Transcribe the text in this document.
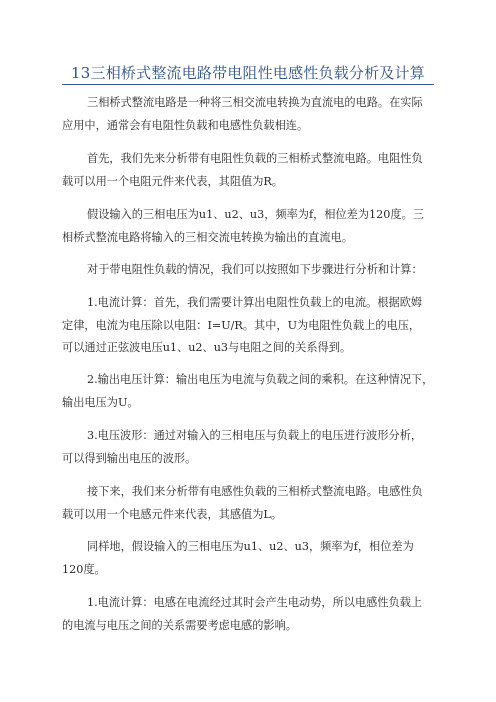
13三相桥式整流电路带电阻性电感性负载分析及计算

三相桥式整流电路是一种将三相交流电转换为直流电的电路。在实际
应用中，通常会有电阻性负载和电感性负载相连。

首先，我们先来分析带有电阻性负载的三相桥式整流电路。电阻性负
载可以用一个电阻元件来代表，其阻值为R。

假设输入的三相电压为u1、u2、u3，频率为f，相位差为120度。三
相桥式整流电路将输入的三相交流电转换为输出的直流电。

对于带电阻性负载的情况，我们可以按照如下步骤进行分析和计算：

1.电流计算：首先，我们需要计算出电阻性负载上的电流。根据欧姆
定律，电流为电压除以电阻：I=U/R。其中，U为电阻性负载上的电压，
可以通过正弦波电压u1、u2、u3与电阻之间的关系得到。

2.输出电压计算：输出电压为电流与负载之间的乘积。在这种情况下，
输出电压为U。

3.电压波形：通过对输入的三相电压与负载上的电压进行波形分析，
可以得到输出电压的波形。

接下来，我们来分析带有电感性负载的三相桥式整流电路。电感性负
载可以用一个电感元件来代表，其感值为L。

同样地，假设输入的三相电压为u1、u2、u3，频率为f，相位差为
120度。

1.电流计算：电感在电流经过其时会产生电动势，所以电感性负载上
的电流与电压之间的关系需要考虑电感的影响。
